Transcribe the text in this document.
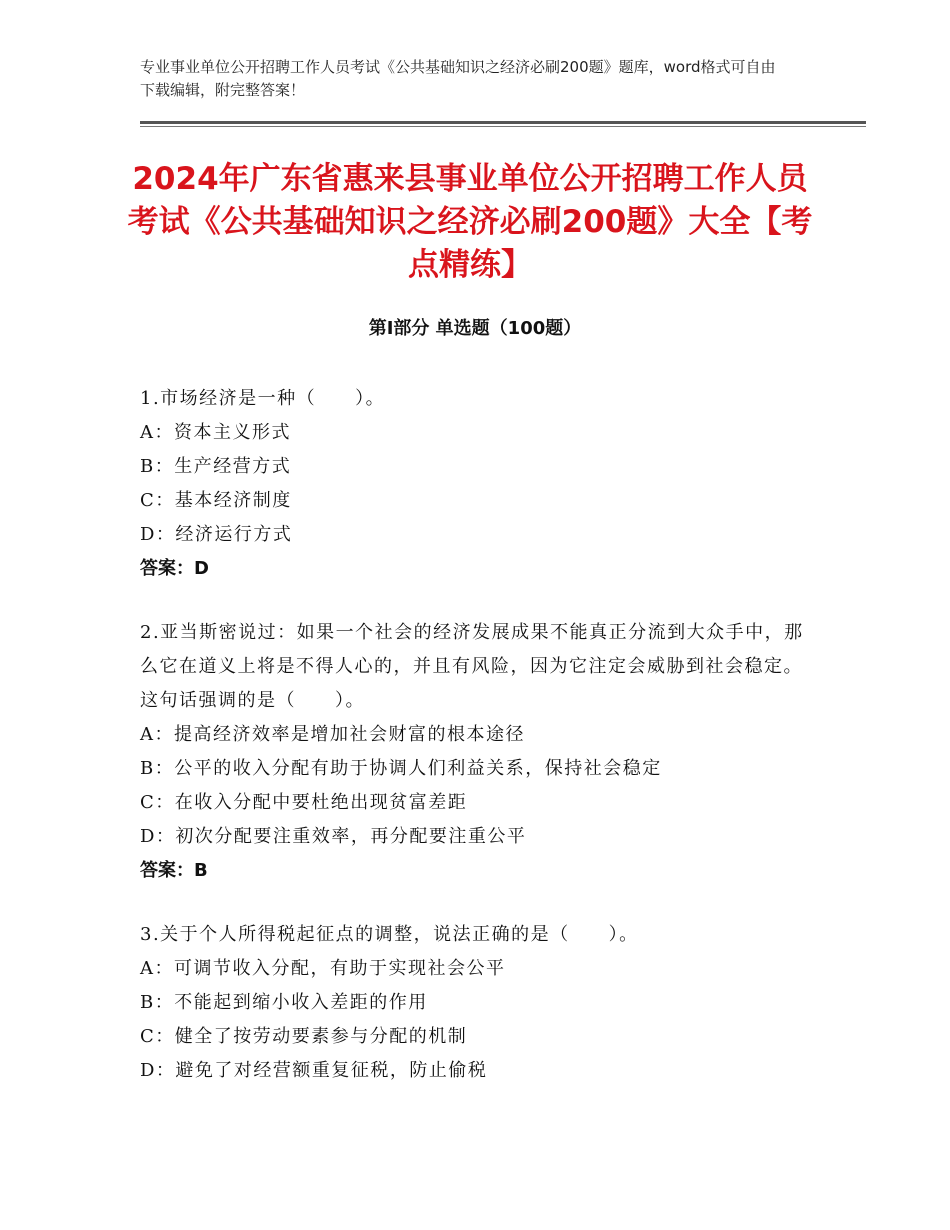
专业事业单位公开招聘工作人员考试《公共基础知识之经济必刷200题》题库，word格式可自由下载编辑，附完整答案！
2024年广东省惠来县事业单位公开招聘工作人员考试《公共基础知识之经济必刷200题》大全【考点精练】
第Ⅰ部分 单选题（100题）
1.市场经济是一种（　　）。
A：资本主义形式
B：生产经营方式
C：基本经济制度
D：经济运行方式
答案：D
2.亚当斯密说过：如果一个社会的经济发展成果不能真正分流到大众手中，那么它在道义上将是不得人心的，并且有风险，因为它注定会威胁到社会稳定。这句话强调的是（　　）。
A：提高经济效率是增加社会财富的根本途径
B：公平的收入分配有助于协调人们利益关系，保持社会稳定
C：在收入分配中要杜绝出现贫富差距
D：初次分配要注重效率，再分配要注重公平
答案：B
3.关于个人所得税起征点的调整，说法正确的是（　　）。
A：可调节收入分配，有助于实现社会公平
B：不能起到缩小收入差距的作用
C：健全了按劳动要素参与分配的机制
D：避免了对经营额重复征税，防止偷税
